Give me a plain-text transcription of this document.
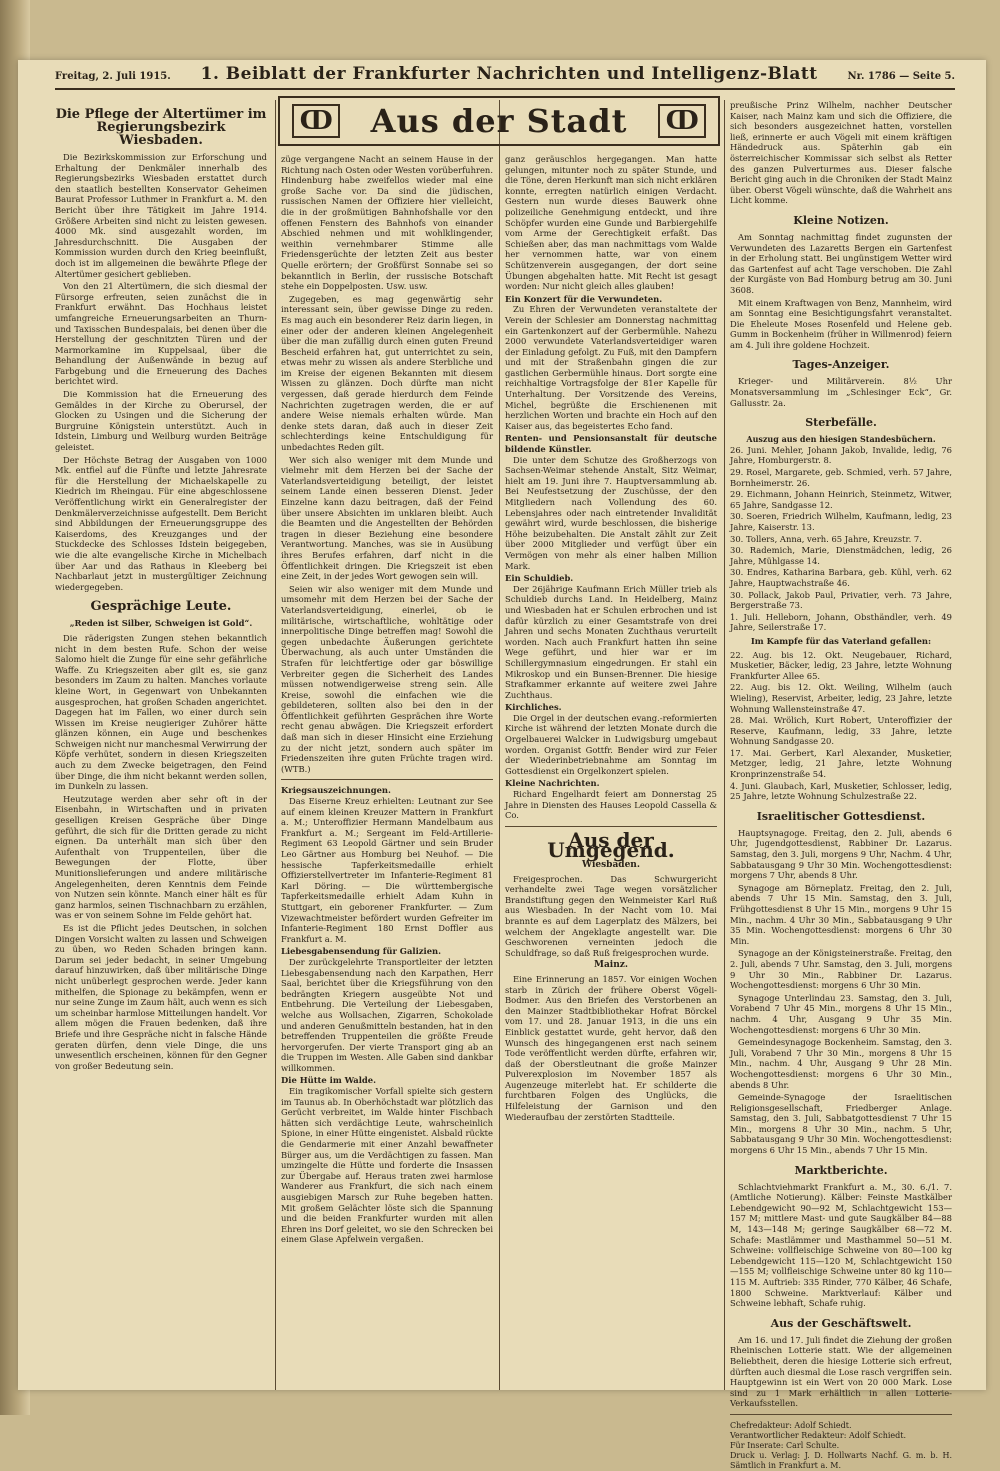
Freitag, 2. Juli 1915. 1. Beiblatt der Frankfurter Nachrichten und Intelligenz-Blatt	Nr. 1786 — Seite 5.
ↀ Aus der Stadt ↀ
Die Pflege der Altertümer im Regierungsbezirk Wiesbaden.

Die Bezirkskommission zur Erforschung und Erhaltung der Denkmäler innerhalb des Regierungsbezirks Wiesbaden erstattet durch den staatlich bestellten Konservator Geheimen Baurat Professor Luthmer in Frankfurt a. M. den Bericht über ihre Tätigkeit im Jahre 1914. Größere Arbeiten sind nicht zu leisten gewesen. 4000 Mk. sind ausgezahlt worden, im Jahresdurchschnitt. Die Ausgaben der Kommission wurden durch den Krieg beeinflußt, doch ist im allgemeinen die bewährte Pflege der Altertümer gesichert geblieben.

Von den 21 Altertümern, die sich diesmal der Fürsorge erfreuten, seien zunächst die in Frankfurt erwähnt. Das Hochhaus leistet umfangreiche Erneuerungsarbeiten an Thurn- und Taxisschen Bundespalais, bei denen über die Herstellung der geschnitzten Türen und der Marmorkamine im Kuppelsaal, über die Behandlung der Außenwände in bezug auf Farbgebung und die Erneuerung des Daches berichtet wird.

Die Kommission hat die Erneuerung des Gemäldes in der Kirche zu Oberursel, der Glocken zu Usingen und die Sicherung der Burgruine Königstein unterstützt. Auch in Idstein, Limburg und Weilburg wurden Beiträge geleistet.

Der Höchste Betrag der Ausgaben von 1000 Mk. entfiel auf die Fünfte und letzte Jahresrate für die Herstellung der Michaelskapelle zu Kiedrich im Rheingau. Für eine abgeschlossene Veröffentlichung wirkt ein Generalregister der Denkmälerverzeichnisse aufgestellt. Dem Bericht sind Abbildungen der Erneuerungsgruppe des Kaiserdoms, des Kreuzganges und der Stuckdecke des Schlosses Idstein beigegeben, wie die alte evangelische Kirche in Michelbach über Aar und das Rathaus in Kleeberg bei Nachbarlaut jetzt in mustergültiger Zeichnung wiedergegeben.

Gesprächige Leute.
„Reden ist Silber, Schweigen ist Gold“.

Die räderigsten Zungen stehen bekanntlich nicht in dem besten Rufe. Schon der weise Salomo hielt die Zunge für eine sehr gefährliche Waffe. Zu Kriegszeiten aber gilt es, sie ganz besonders im Zaum zu halten. Manches vorlaute kleine Wort, in Gegenwart von Unbekannten ausgesprochen, hat großen Schaden angerichtet. Dagegen hat im Fallen, wo einer durch sein Wissen im Kreise neugieriger Zuhörer hätte glänzen können, ein Auge und beschenkes Schweigen nicht nur manchesmal Verwirrung der Köpfe verhütet, sondern in diesen Kriegszeiten auch zu dem Zwecke beigetragen, den Feind über Dinge, die ihm nicht bekannt werden sollen, im Dunkeln zu lassen.

Heutzutage werden aber sehr oft in der Eisenbahn, in Wirtschaften und in privaten geselligen Kreisen Gespräche über Dinge geführt, die sich für die Dritten gerade zu nicht eignen. Da unterhält man sich über den Aufenthalt von Truppenteilen, über die Bewegungen der Flotte, über Munitionslieferungen und andere militärische Angelegenheiten, deren Kenntnis dem Feinde von Nutzen sein könnte. Manch einer hält es für ganz harmlos, seinen Tischnachbarn zu erzählen, was er von seinem Sohne im Felde gehört hat.

Es ist die Pflicht jedes Deutschen, in solchen Dingen Vorsicht walten zu lassen und Schweigen zu üben, wo Reden Schaden bringen kann. Darum sei jeder bedacht, in seiner Umgebung darauf hinzuwirken, daß über militärische Dinge nicht unüberlegt gesprochen werde. Jeder kann mithelfen, die Spionage zu bekämpfen, wenn er nur seine Zunge im Zaum hält, auch wenn es sich um scheinbar harmlose Mitteilungen handelt. Vor allem mögen die Frauen bedenken, daß ihre Briefe und ihre Gespräche nicht in falsche Hände geraten dürfen, denn viele Dinge, die uns unwesentlich erscheinen, können für den Gegner von großer Bedeutung sein.

züge vergangene Nacht an seinem Hause in der Richtung nach Osten oder Westen vorüberfuhren. Hindenburg habe zweifellos wieder mal eine große Sache vor. Da sind die jüdischen, russischen Namen der Offiziere hier vielleicht, die in der großmütigen Bahnhofshalle vor den offenen Fenstern des Bahnhofs von einander Abschied nehmen und mit wohlklingender, weithin vernehmbarer Stimme alle Friedensgerüchte der letzten Zeit aus bester Quelle erörtern; der Großfürst Sonnabe sei so bekanntlich in Berlin, der russische Botschaft stehe ein Doppelposten. Usw. usw.

Zugegeben, es mag gegenwärtig sehr interessant sein, über gewisse Dinge zu reden. Es mag auch ein besonderer Reiz darin liegen, in einer oder der anderen kleinen Angelegenheit über die man zufällig durch einen guten Freund Bescheid erfahren hat, gut unterrichtet zu sein, etwas mehr zu wissen als andere Sterbliche und im Kreise der eigenen Bekannten mit diesem Wissen zu glänzen. Doch dürfte man nicht vergessen, daß gerade hierdurch dem Feinde Nachrichten zugetragen werden, die er auf andere Weise niemals erhalten würde. Man denke stets daran, daß auch in dieser Zeit schlechterdings keine Entschuldigung für unbedachtes Reden gilt.

Wer sich also weniger mit dem Munde und vielmehr mit dem Herzen bei der Sache der Vaterlandsverteidigung beteiligt, der leistet seinem Lande einen besseren Dienst. Jeder Einzelne kann dazu beitragen, daß der Feind über unsere Absichten im unklaren bleibt. Auch die Beamten und die Angestellten der Behörden tragen in dieser Beziehung eine besondere Verantwortung. Manches, was sie in Ausübung ihres Berufes erfahren, darf nicht in die Öffentlichkeit dringen. Die Kriegszeit ist eben eine Zeit, in der jedes Wort gewogen sein will.

Seien wir also weniger mit dem Munde und umsomehr mit dem Herzen bei der Sache der Vaterlandsverteidigung, einerlei, ob ie militärische, wirtschaftliche, wohltätige oder innerpolitische Dinge betreffen mag! Sowohl die gegen unbedachte Äußerungen gerichtete Überwachung, als auch unter Umständen die Strafen für leichtfertige oder gar böswillige Verbreiter gegen die Sicherheit des Landes müssen notwendigerweise streng sein. Alle Kreise, sowohl die einfachen wie die gebildeteren, sollten also bei den in der Öffentlichkeit geführten Gesprächen ihre Worte recht genau abwägen. Die Kriegszeit erfordert daß man sich in dieser Hinsicht eine Erziehung zu der nicht jetzt, sondern auch später im Friedenszeiten ihre guten Früchte tragen wird. (WTB.)

Kriegsauszeichnungen.

Das Eiserne Kreuz erhielten: Leutnant zur See auf einem kleinen Kreuzer Mattern in Frankfurt a. M.; Unteroffizier Hermann Mandelbaum aus Frankfurt a. M.; Sergeant im Feld-Artillerie-Regiment 63 Leopold Gärtner und sein Bruder Leo Gärtner aus Homburg bei Neuhof. — Die hessische Tapferkeitsmedaille erhielt Offizierstellvertreter im Infanterie-Regiment 81 Karl Döring. — Die württembergische Tapferkeitsmedaille erhielt Adam Kuhn in Stuttgart, ein geborener Frankfurter. — Zum Vizewachtmeister befördert wurden Gefreiter im Infanterie-Regiment 180 Ernst Doffler aus Frankfurt a. M.

Liebesgabensendung für Galizien.

Der zurückgelehrte Transportleiter der letzten Liebesgabensendung nach den Karpathen, Herr Saal, berichtet über die Kriegsführung von den bedrängten Kriegern ausgeübte Not und Entbehrung. Die Verteilung der Liebesgaben, welche aus Wollsachen, Zigarren, Schokolade und anderen Genußmitteln bestanden, hat in den betreffenden Truppenteilen die größte Freude hervorgerufen. Der vierte Transport ging ab an die Truppen im Westen. Alle Gaben sind dankbar willkommen.

Die Hütte im Walde.

Ein tragikomischer Vorfall spielte sich gestern im Taunus ab. In Oberhöchstadt war plötzlich das Gerücht verbreitet, im Walde hinter Fischbach hätten sich verdächtige Leute, wahrscheinlich Spione, in einer Hütte eingenistet. Alsbald rückte die Gendarmerie mit einer Anzahl bewaffneter Bürger aus, um die Verdächtigen zu fassen. Man umzingelte die Hütte und forderte die Insassen zur Übergabe auf. Heraus traten zwei harmlose Wanderer aus Frankfurt, die sich nach einem ausgiebigen Marsch zur Ruhe begeben hatten. Mit großem Gelächter löste sich die Spannung und die beiden Frankfurter wurden mit allen Ehren ins Dorf geleitet, wo sie den Schrecken bei einem Glase Apfelwein vergaßen.

ganz geräuschlos hergegangen. Man hatte gelungen, mitunter noch zu später Stunde, und die Töne, deren Herkunft man sich nicht erklären konnte, erregten natürlich einigen Verdacht. Gestern nun wurde dieses Bauwerk ohne polizeiliche Genehmigung entdeckt, und ihre Schöpfer wurden eine Gunde und Barbiergehilfe vom Arme der Gerechtigkeit erfaßt. Das Schießen aber, das man nachmittags vom Walde her vernommen hatte, war von einem Schützenverein ausgegangen, der dort seine Übungen abgehalten hatte. Mit Recht ist gesagt worden: Nur nicht gleich alles glauben!

Ein Konzert für die Verwundeten.

Zu Ehren der Verwundeten veranstaltete der Verein der Schlesier am Donnerstag nachmittag ein Gartenkonzert auf der Gerbermühle. Nahezu 2000 verwundete Vaterlandsverteidiger waren der Einladung gefolgt. Zu Fuß, mit den Dampfern und mit der Straßenbahn gingen die zur gastlichen Gerbermühle hinaus. Dort sorgte eine reichhaltige Vortragsfolge der 81er Kapelle für Unterhaltung. Der Vorsitzende des Vereins, Michel, begrüßte die Erschienenen mit herzlichen Worten und brachte ein Hoch auf den Kaiser aus, das begeistertes Echo fand.

Renten- und Pensionsanstalt für deutsche bildende Künstler.

Die unter dem Schutze des Großherzogs von Sachsen-Weimar stehende Anstalt, Sitz Weimar, hielt am 19. Juni ihre 7. Hauptversammlung ab. Bei Neufestsetzung der Zuschüsse, der den Mitgliedern nach Vollendung des 60. Lebensjahres oder nach eintretender Invalidität gewährt wird, wurde beschlossen, die bisherige Höhe beizubehalten. Die Anstalt zählt zur Zeit über 2000 Mitglieder und verfügt über ein Vermögen von mehr als einer halben Million Mark.

Ein Schuldieb.

Der 26jährige Kaufmann Erich Müller trieb als Schuldieb durchs Land. In Heidelberg, Mainz und Wiesbaden hat er Schulen erbrochen und ist dafür kürzlich zu einer Gesamtstrafe von drei Jahren und sechs Monaten Zuchthaus verurteilt worden. Nach auch Frankfurt hatten ihn seine Wege geführt, und hier war er im Schillergymnasium eingedrungen. Er stahl ein Mikroskop und ein Bunsen-Brenner. Die hiesige Strafkammer erkannte auf weitere zwei Jahre Zuchthaus.

Kirchliches.

Die Orgel in der deutschen evang.-reformierten Kirche ist während der letzten Monate durch die Orgelbauerei Walcker in Ludwigsburg umgebaut worden. Organist Gottfr. Bender wird zur Feier der Wiederinbetriebnahme am Sonntag im Gottesdienst ein Orgelkonzert spielen.

Kleine Nachrichten.

Richard Engelhardt feiert am Donnerstag 25 Jahre in Diensten des Hauses Leopold Cassella & Co.

Aus der Umgegend.
Wiesbaden.

Freigesprochen. Das Schwurgericht verhandelte zwei Tage wegen vorsätzlicher Brandstiftung gegen den Weinmeister Karl Ruß aus Wiesbaden. In der Nacht vom 10. Mai brannte es auf dem Lagerplatz des Mälzers, bei welchem der Angeklagte angestellt war. Die Geschworenen verneinten jedoch die Schuldfrage, so daß Ruß freigesprochen wurde.

Mainz.

Eine Erinnerung an 1857. Vor einigen Wochen starb in Zürich der frühere Oberst Vögeli-Bodmer. Aus den Briefen des Verstorbenen an den Mainzer Stadtbibliothekar Hofrat Börckel vom 17. und 28. Januar 1913, in die uns ein Einblick gestattet wurde, geht hervor, daß den Wunsch des hingegangenen erst nach seinem Tode veröffentlicht werden dürfte, erfahren wir, daß der Oberstleutnant die große Mainzer Pulverexplosion im November 1857 als Augenzeuge miterlebt hat. Er schilderte die furchtbaren Folgen des Unglücks, die Hilfeleistung der Garnison und den Wiederaufbau der zerstörten Stadtteile.

preußische Prinz Wilhelm, nachher Deutscher Kaiser, nach Mainz kam und sich die Offiziere, die sich besonders ausgezeichnet hatten, vorstellen ließ, erinnerte er auch Vögeli mit einem kräftigen Händedruck aus. Späterhin gab ein österreichischer Kommissar sich selbst als Retter des ganzen Pulverturmes aus. Dieser falsche Bericht ging auch in die Chroniken der Stadt Mainz über. Oberst Vögeli wünschte, daß die Wahrheit ans Licht komme.

Kleine Notizen.

Am Sonntag nachmittag findet zugunsten der Verwundeten des Lazaretts Bergen ein Gartenfest in der Erholung statt. Bei ungünstigem Wetter wird das Gartenfest auf acht Tage verschoben. Die Zahl der Kurgäste von Bad Homburg betrug am 30. Juni 3608.

Mit einem Kraftwagen von Benz, Mannheim, wird am Sonntag eine Besichtigungsfahrt veranstaltet. Die Eheleute Moses Rosenfeld und Helene geb. Gumm in Bockenheim (früher in Willmenrod) feiern am 4. Juli ihre goldene Hochzeit.

Tages-Anzeiger.

Krieger- und Militärverein. 8½ Uhr Monatsversammlung im „Schlesinger Eck“, Gr. Gallusstr. 2a.

Sterbefälle.
Auszug aus den hiesigen Standesbüchern.
26. Juni. Mehler, Johann Jakob, Invalide, ledig, 76 Jahre, Homburgerstr. 8.
29. Rosel, Margarete, geb. Schmied, verh. 57 Jahre, Bornheimerstr. 26.
29. Eichmann, Johann Heinrich, Steinmetz, Witwer, 65 Jahre, Sandgasse 12.
30. Soeren, Friedrich Wilhelm, Kaufmann, ledig, 23 Jahre, Kaiserstr. 13.
30. Tollers, Anna, verh. 65 Jahre, Kreuzstr. 7.
30. Rademich, Marie, Dienstmädchen, ledig, 26 Jahre, Mühlgasse 14.
30. Endres, Katharina Barbara, geb. Kühl, verh. 62 Jahre, Hauptwachstraße 46.
30. Pollack, Jakob Paul, Privatier, verh. 73 Jahre, Bergerstraße 73.
1. Juli. Helleborn, Johann, Obsthändler, verh. 49 Jahre, Seilerstraße 17.
Im Kampfe für das Vaterland gefallen:
22. Aug. bis 12. Okt. Neugebauer, Richard, Musketier, Bäcker, ledig, 23 Jahre, letzte Wohnung Frankfurter Allee 65.
22. Aug. bis 12. Okt. Weiling, Wilhelm (auch Wieling), Reservist, Arbeiter, ledig, 23 Jahre, letzte Wohnung Wallensteinstraße 47.
28. Mai. Wrölich, Kurt Robert, Unteroffizier der Reserve, Kaufmann, ledig, 33 Jahre, letzte Wohnung Sandgasse 20.
17. Mai. Gerbert, Karl Alexander, Musketier, Metzger, ledig, 21 Jahre, letzte Wohnung Kronprinzenstraße 54.
4. Juni. Glaubach, Karl, Musketier, Schlosser, ledig, 25 Jahre, letzte Wohnung Schulzestraße 22.
Israelitischer Gottesdienst.

Hauptsynagoge. Freitag, den 2. Juli, abends 6 Uhr, Jugendgottesdienst, Rabbiner Dr. Lazarus. Samstag, den 3. Juli, morgens 9 Uhr, Nachm. 4 Uhr, Sabbatausgang 9 Uhr 30 Min. Wochengottesdienst: morgens 7 Uhr, abends 8 Uhr.

Synagoge am Börneplatz. Freitag, den 2. Juli, abends 7 Uhr 15 Min. Samstag, den 3. Juli, Frühgottesdienst 8 Uhr 15 Min., morgens 9 Uhr 15 Min., nachm. 4 Uhr 30 Min., Sabbatausgang 9 Uhr 35 Min. Wochengottesdienst: morgens 6 Uhr 30 Min.

Synagoge an der Königsteinerstraße. Freitag, den 2. Juli, abends 7 Uhr. Samstag, den 3. Juli, morgens 9 Uhr 30 Min., Rabbiner Dr. Lazarus. Wochengottesdienst: morgens 6 Uhr 30 Min.

Synagoge Unterlindau 23. Samstag, den 3. Juli, Vorabend 7 Uhr 45 Min., morgens 8 Uhr 15 Min., nachm. 4 Uhr, Ausgang 9 Uhr 35 Min. Wochengottesdienst: morgens 6 Uhr 30 Min.

Gemeindesynagoge Bockenheim. Samstag, den 3. Juli, Vorabend 7 Uhr 30 Min., morgens 8 Uhr 15 Min., nachm. 4 Uhr, Ausgang 9 Uhr 28 Min. Wochengottesdienst: morgens 6 Uhr 30 Min., abends 8 Uhr.

Gemeinde-Synagoge der Israelitischen Religionsgesellschaft, Friedberger Anlage. Samstag, den 3. Juli, Sabbatgottesdienst 7 Uhr 15 Min., morgens 8 Uhr 30 Min., nachm. 5 Uhr, Sabbatausgang 9 Uhr 30 Min. Wochengottesdienst: morgens 6 Uhr 15 Min., abends 7 Uhr 15 Min.

Marktberichte.

Schlachtviehmarkt Frankfurt a. M., 30. 6./1. 7. (Amtliche Notierung). Kälber: Feinste Mastkälber Lebendgewicht 90—92 M, Schlachtgewicht 153—157 M; mittlere Mast- und gute Saugkälber 84—88 M, 143—148 M; geringe Saugkälber 68—72 M. Schafe: Mastlämmer und Masthammel 50—51 M. Schweine: vollfleischige Schweine von 80—100 kg Lebendgewicht 115—120 M, Schlachtgewicht 150—155 M; vollfleischige Schweine unter 80 kg 110—115 M. Auftrieb: 335 Rinder, 770 Kälber, 46 Schafe, 1800 Schweine. Marktverlauf: Kälber und Schweine lebhaft, Schafe ruhig.

Aus der Geschäftswelt.

Am 16. und 17. Juli findet die Ziehung der großen Rheinischen Lotterie statt. Wie der allgemeinen Beliebtheit, deren die hiesige Lotterie sich erfreut, dürften auch diesmal die Lose rasch vergriffen sein. Hauptgewinn ist ein Wert von 20 000 Mark. Lose sind zu 1 Mark erhältlich in allen Lotterie-Verkaufsstellen.

Chefredakteur: Adolf Schiedt.
Verantwortlicher Redakteur: Adolf Schiedt.
Für Inserate: Carl Schulte.
Druck u. Verlag: J. D. Hollwarts Nachf. G. m. b. H. Sämtlich in Frankfurt a. M.
